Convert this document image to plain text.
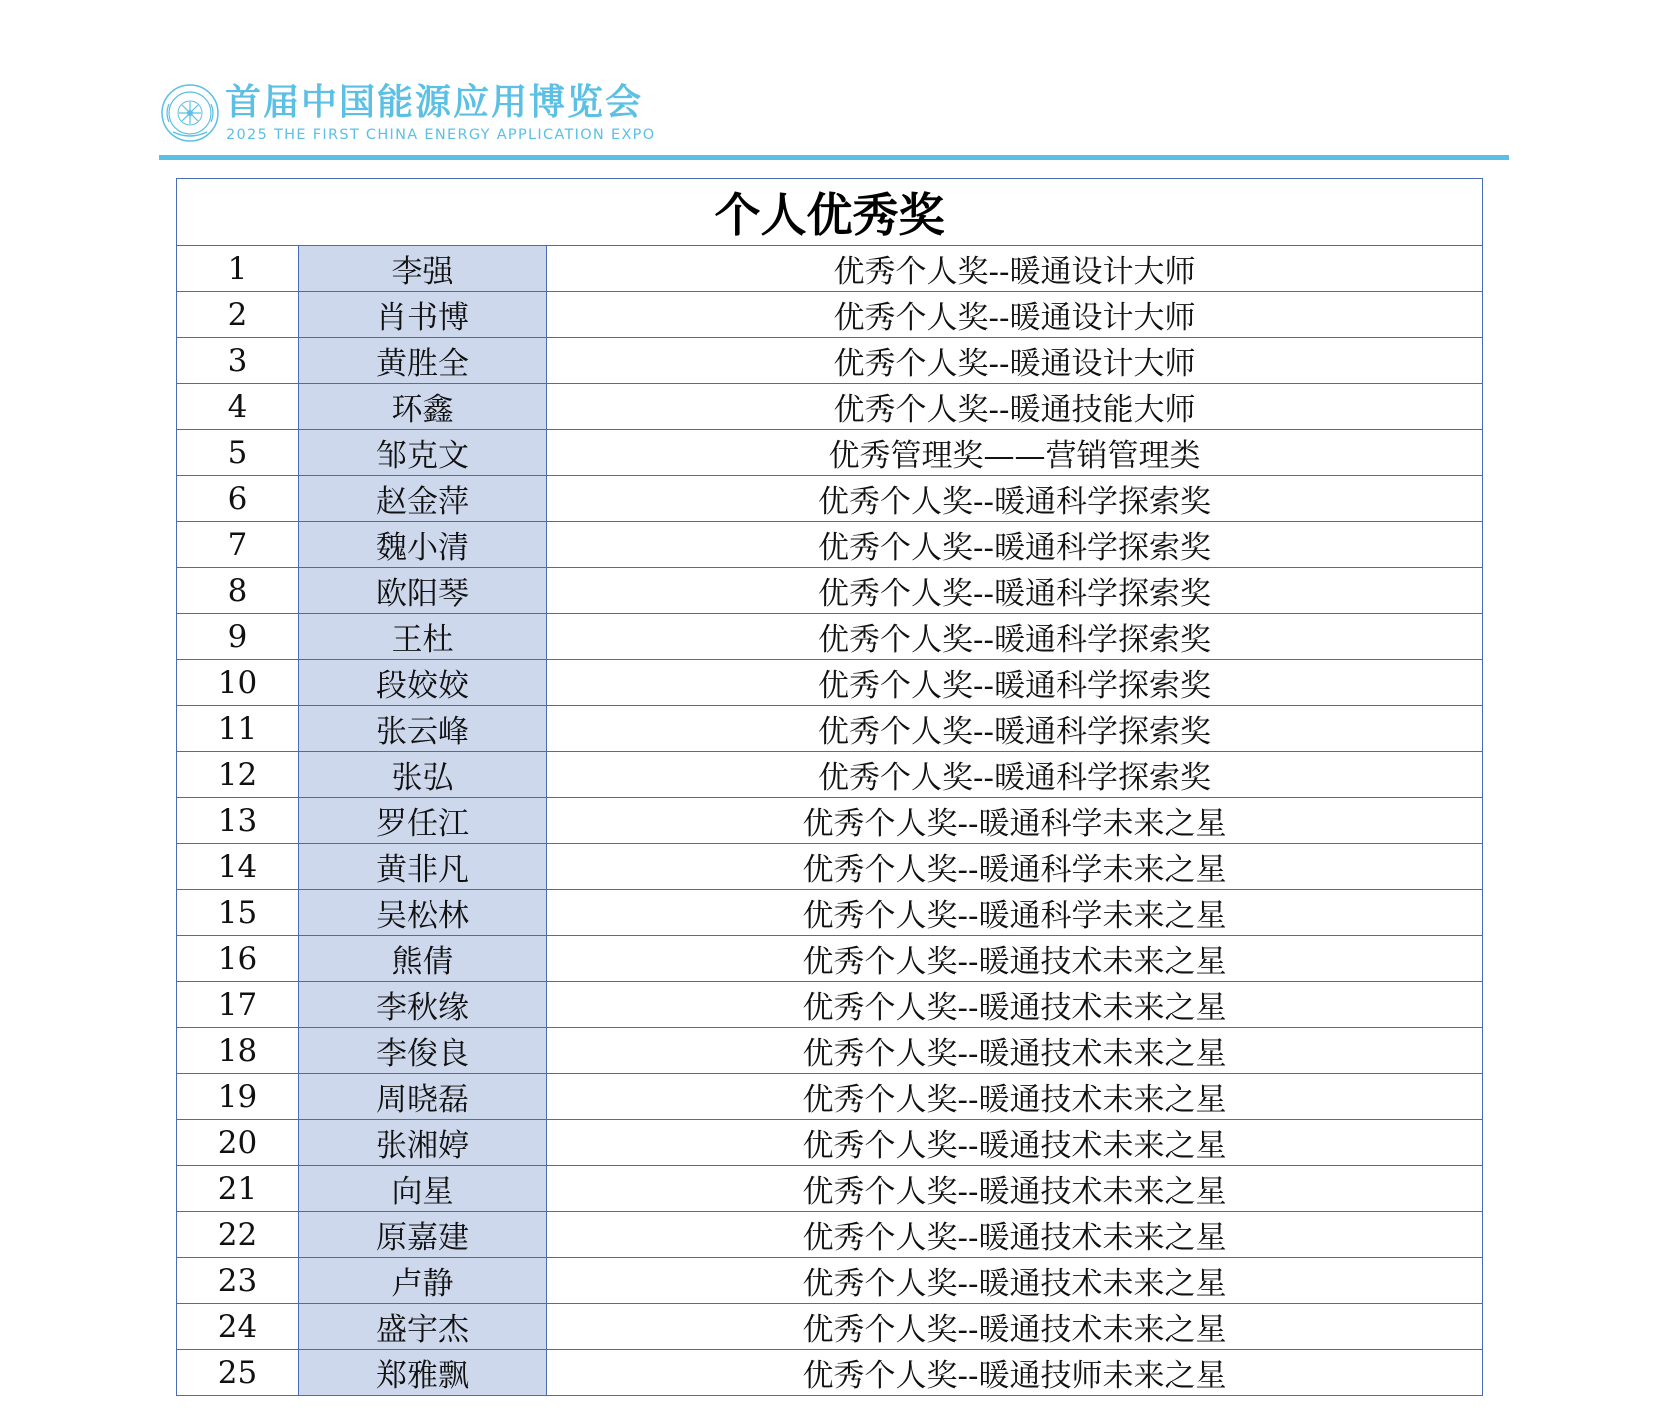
首届中国能源应用博览会
2025 THE FIRST CHINA ENERGY APPLICATION EXPO
个人优秀奖		
1	李强	优秀个人奖--暖通设计大师
2	肖书博	优秀个人奖--暖通设计大师
3	黄胜全	优秀个人奖--暖通设计大师
4	环鑫	优秀个人奖--暖通技能大师
5	邹克文	优秀管理奖——营销管理类
6	赵金萍	优秀个人奖--暖通科学探索奖
7	魏小清	优秀个人奖--暖通科学探索奖
8	欧阳琴	优秀个人奖--暖通科学探索奖
9	王杜	优秀个人奖--暖通科学探索奖
10	段姣姣	优秀个人奖--暖通科学探索奖
11	张云峰	优秀个人奖--暖通科学探索奖
12	张弘	优秀个人奖--暖通科学探索奖
13	罗任江	优秀个人奖--暖通科学未来之星
14	黄非凡	优秀个人奖--暖通科学未来之星
15	吴松林	优秀个人奖--暖通科学未来之星
16	熊倩	优秀个人奖--暖通技术未来之星
17	李秋缘	优秀个人奖--暖通技术未来之星
18	李俊良	优秀个人奖--暖通技术未来之星
19	周晓磊	优秀个人奖--暖通技术未来之星
20	张湘婷	优秀个人奖--暖通技术未来之星
21	向星	优秀个人奖--暖通技术未来之星
22	原嘉建	优秀个人奖--暖通技术未来之星
23	卢静	优秀个人奖--暖通技术未来之星
24	盛宇杰	优秀个人奖--暖通技术未来之星
25	郑雅飘	优秀个人奖--暖通技师未来之星
